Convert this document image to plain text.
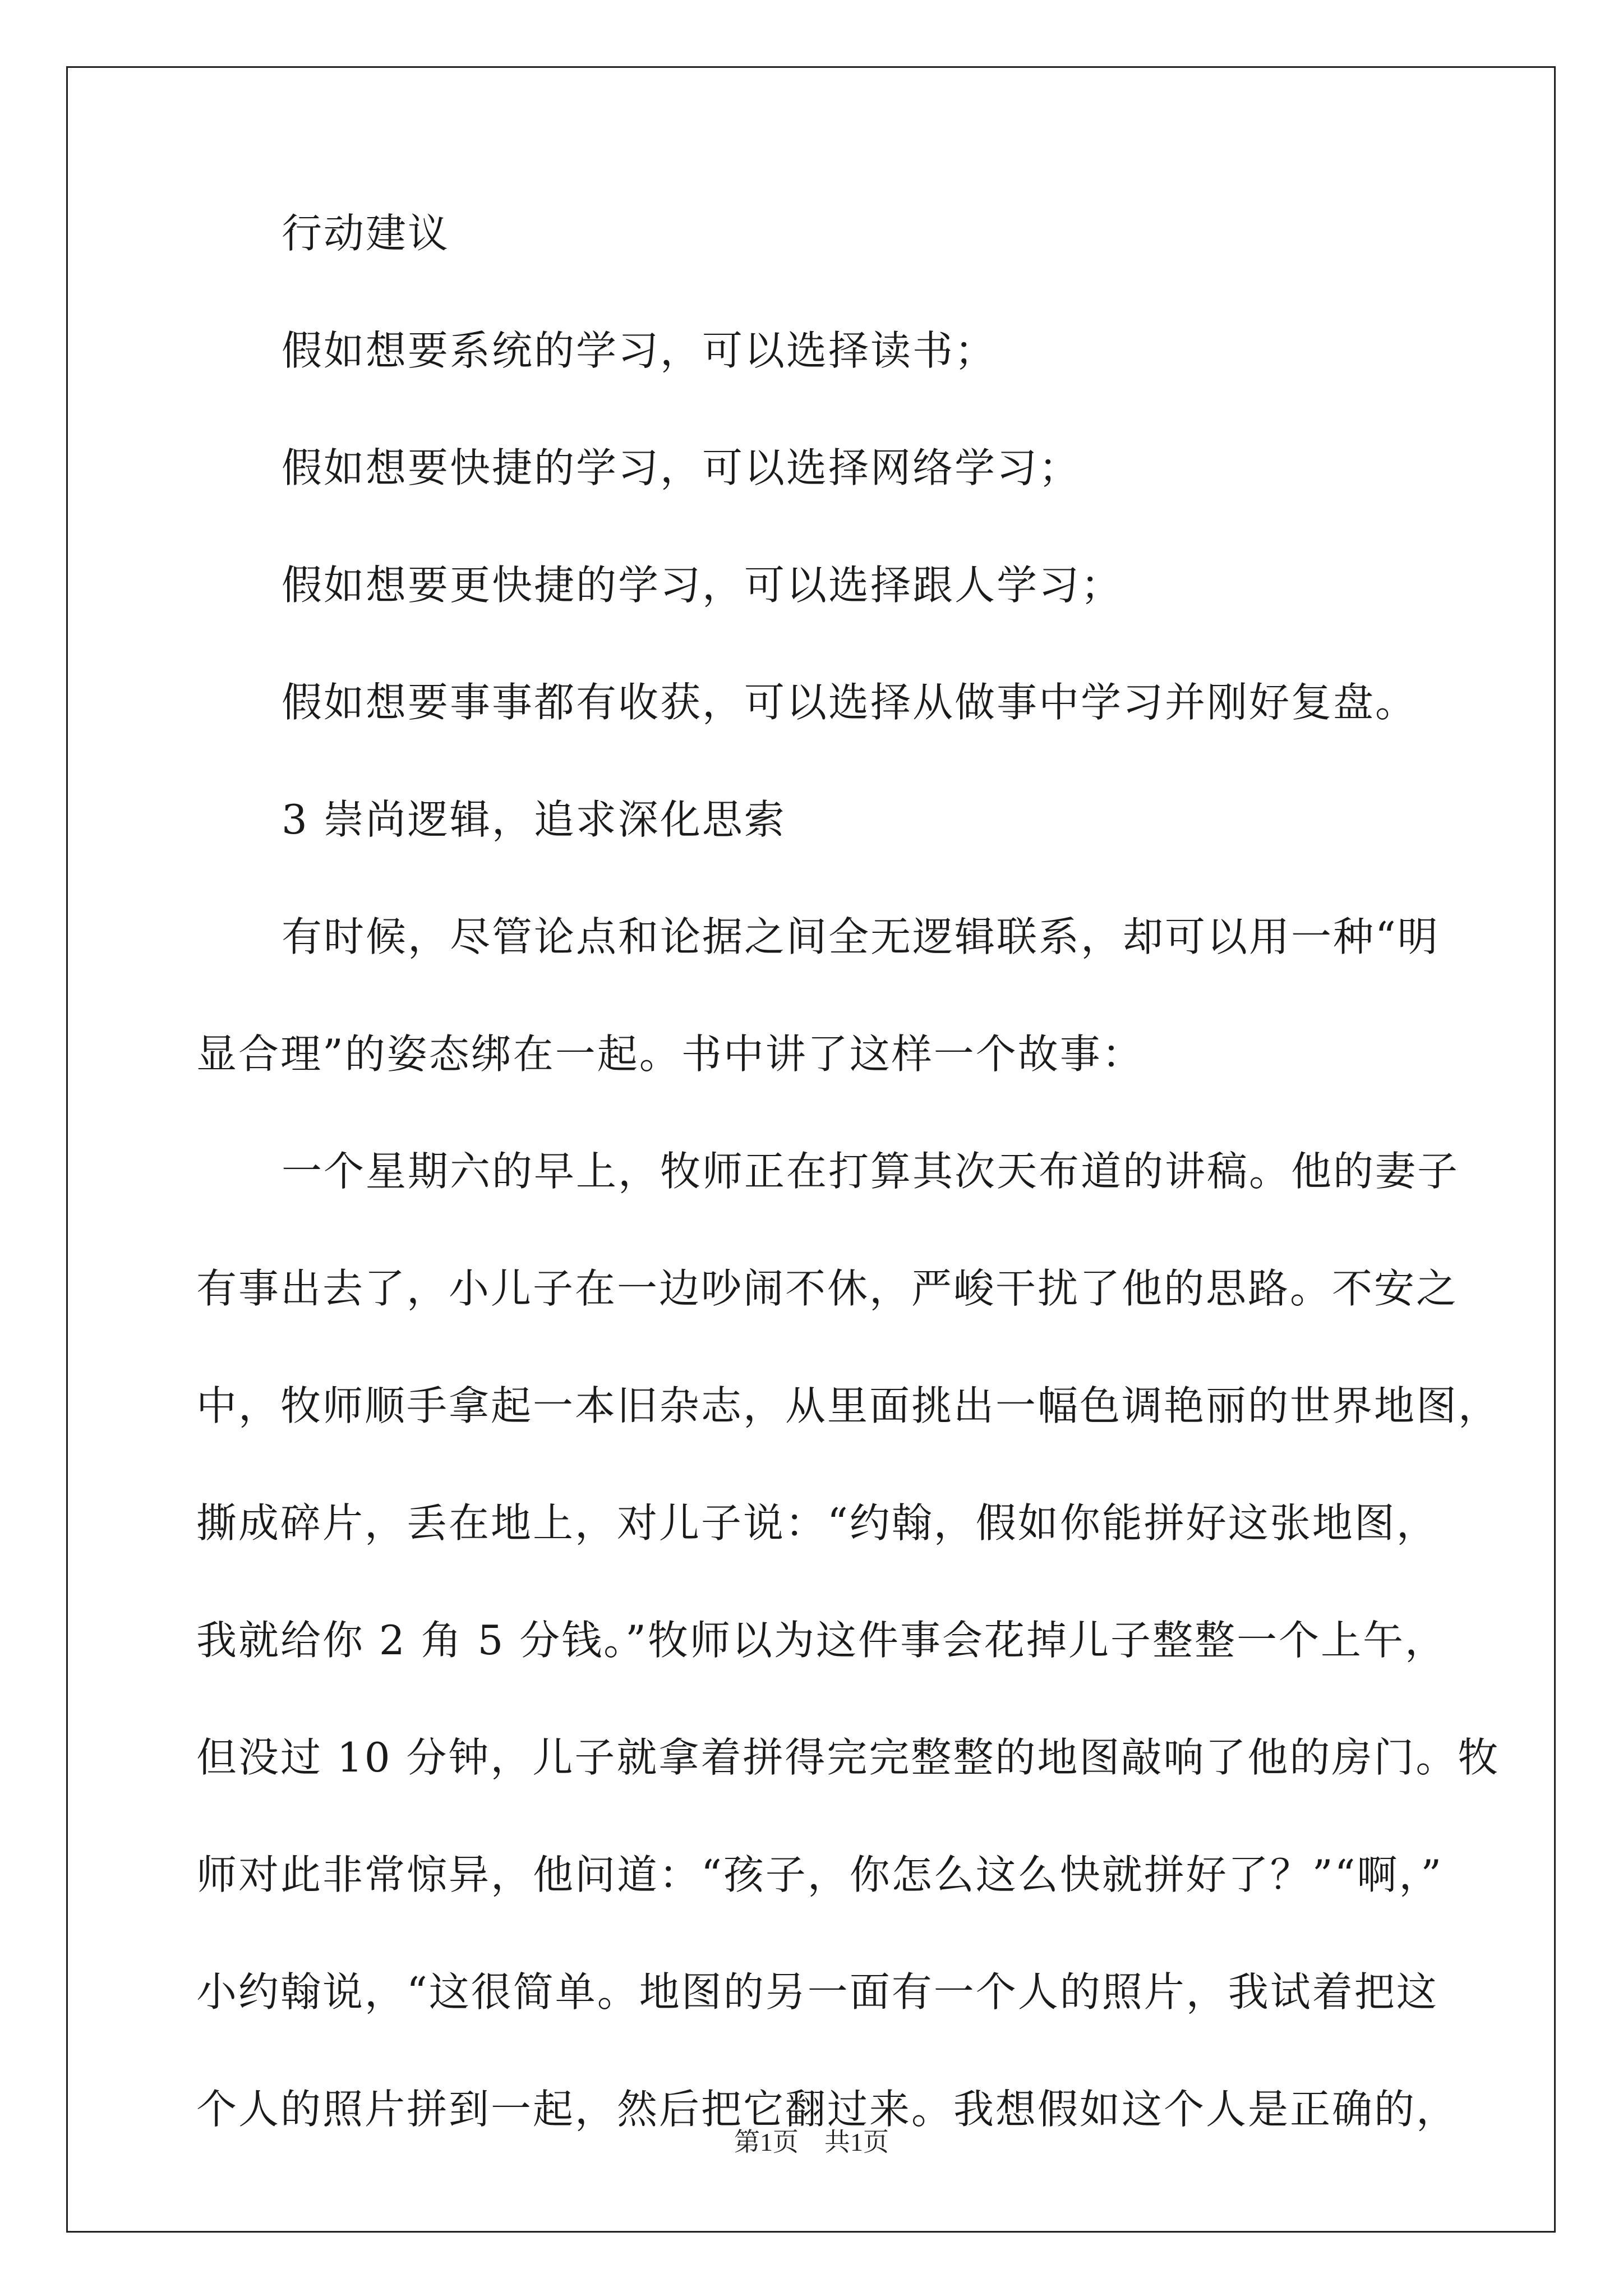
行动建议

假如想要系统的学习，可以选择读书；

假如想要快捷的学习，可以选择网络学习；

假如想要更快捷的学习，可以选择跟人学习；

假如想要事事都有收获，可以选择从做事中学习并刚好复盘。

3 崇尚逻辑，追求深化思索

有时候，尽管论点和论据之间全无逻辑联系，却可以用一种“明

显合理”的姿态绑在一起。书中讲了这样一个故事：

一个星期六的早上，牧师正在打算其次天布道的讲稿。他的妻子

有事出去了，小儿子在一边吵闹不休，严峻干扰了他的思路。不安之

中，牧师顺手拿起一本旧杂志，从里面挑出一幅色调艳丽的世界地图，

撕成碎片，丢在地上，对儿子说：“约翰，假如你能拼好这张地图，

我就给你 2 角 5 分钱。”牧师以为这件事会花掉儿子整整一个上午，

但没过 10 分钟，儿子就拿着拼得完完整整的地图敲响了他的房门。牧

师对此非常惊异，他问道：“孩子，你怎么这么快就拼好了？”“啊，”

小约翰说，“这很简单。地图的另一面有一个人的照片，我试着把这

个人的照片拼到一起，然后把它翻过来。我想假如这个人是正确的，

第1页　共1页
